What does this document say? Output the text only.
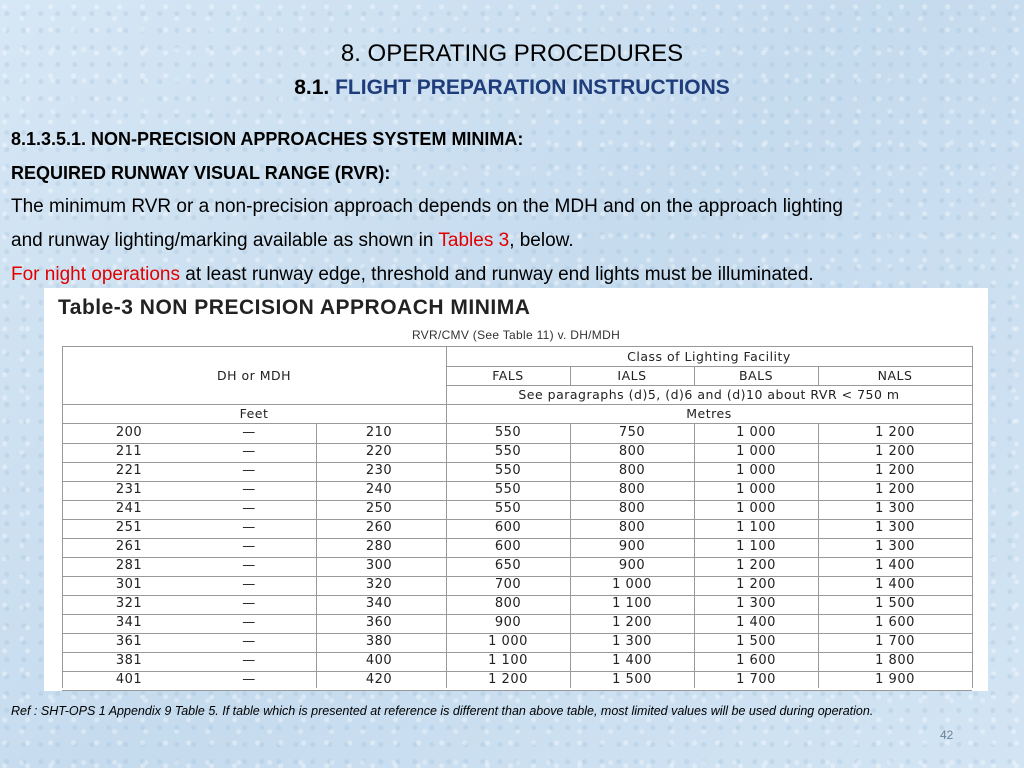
8. OPERATING PROCEDURES
8.1. FLIGHT PREPARATION INSTRUCTIONS
8.1.3.5.1. NON-PRECISION APPROACHES SYSTEM MINIMA:
REQUIRED RUNWAY VISUAL RANGE (RVR):
The minimum RVR or a non-precision approach depends on the MDH and on the approach lighting
and runway lighting/marking available as shown in Tables 3, below.
For night operations at least runway edge, threshold and runway end lights must be illuminated.
Table-3 NON PRECISION APPROACH MINIMA
RVR/CMV (See Table 11) v. DH/MDH
Class of Lighting Facility
DH or MDH	FALS	IALS	BALS	NALS
See paragraphs (d)5, (d)6 and (d)10 about RVR < 750 m
Feet	Metres
200	—	210	550	750	1 000	1 200
211	—	220	550	800	1 000	1 200
221	—	230	550	800	1 000	1 200
231	—	240	550	800	1 000	1 200
241	—	250	550	800	1 000	1 300
251	—	260	600	800	1 100	1 300
261	—	280	600	900	1 100	1 300
281	—	300	650	900	1 200	1 400
301	—	320	700	1 000	1 200	1 400
321	—	340	800	1 100	1 300	1 500
341	—	360	900	1 200	1 400	1 600
361	—	380	1 000	1 300	1 500	1 700
381	—	400	1 100	1 400	1 600	1 800
401	—	420	1 200	1 500	1 700	1 900
Ref : SHT-OPS 1 Appendix 9 Table 5. If table which is presented at reference is different than above table, most limited values will be used during operation.
42
